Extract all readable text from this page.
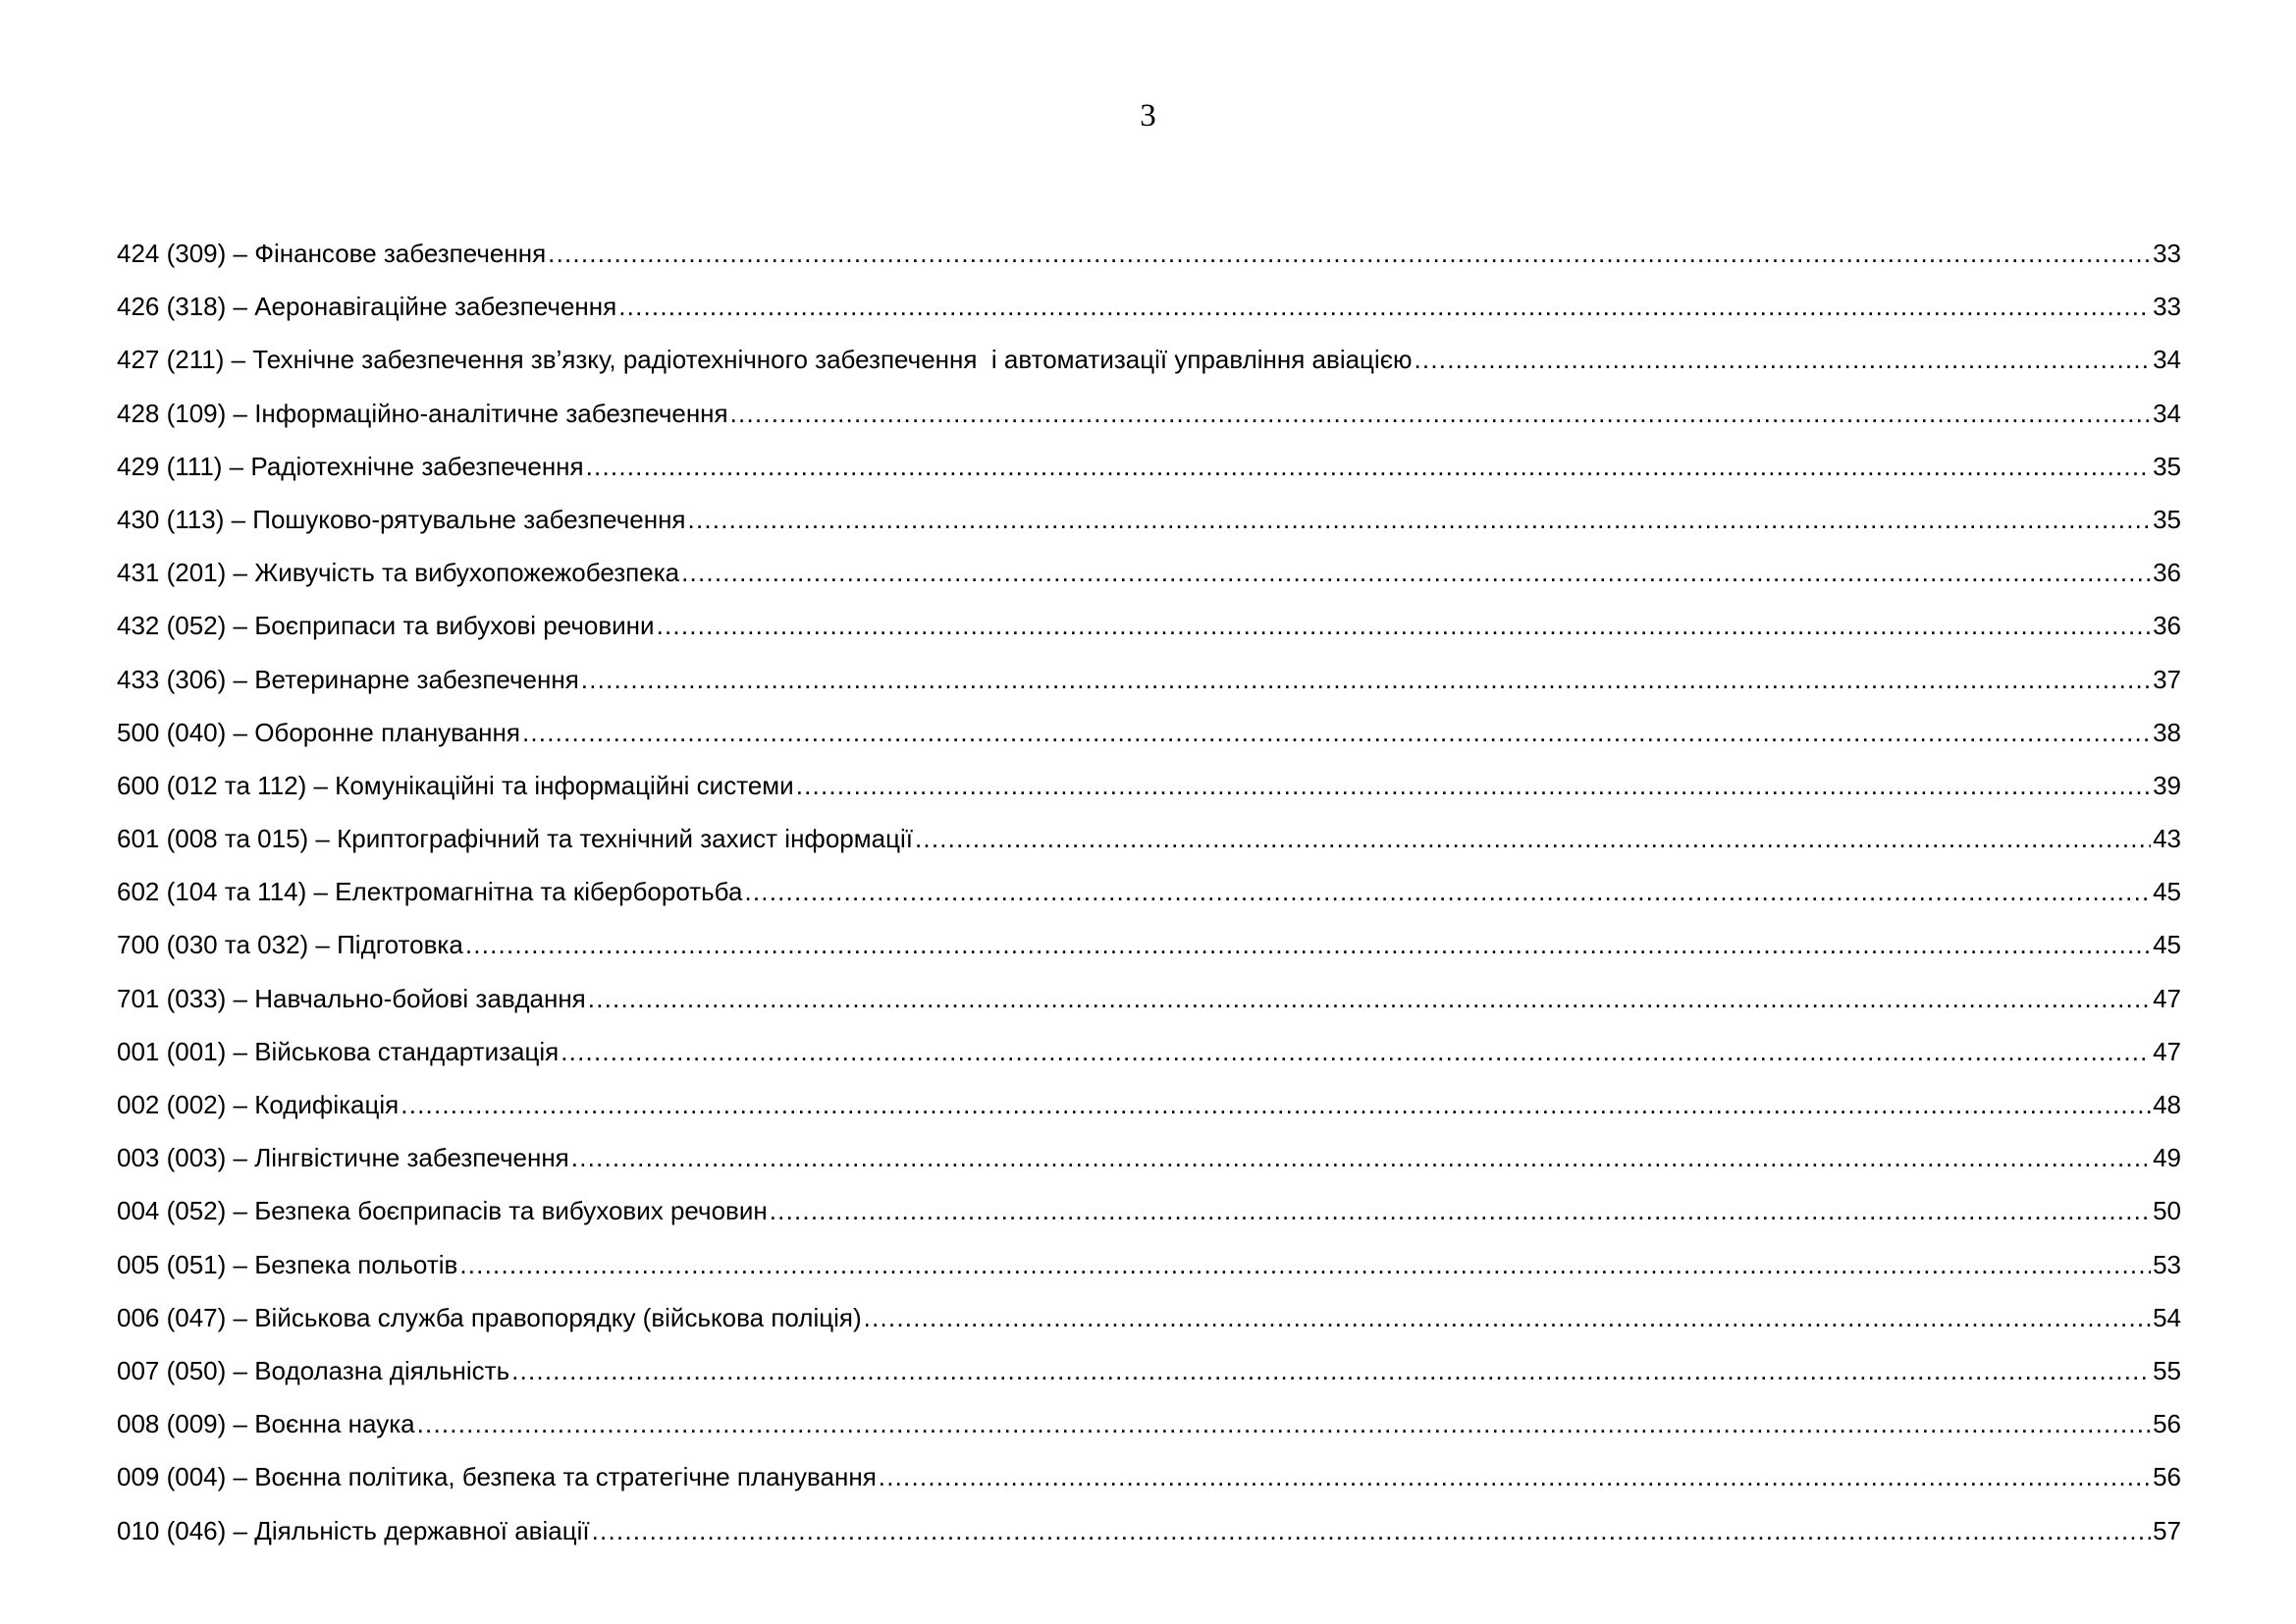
3
424 (309) – Фінансове забезпечення .....	33
426 (318) – Аеронавігаційне забезпечення .....	33
427 (211) – Технічне забезпечення зв’язку, радіотехнічного забезпечення  і автоматизації управління авіацією .....	34
428 (109) – Інформаційно-аналітичне забезпечення .....	34
429 (111) – Радіотехнічне забезпечення .....	35
430 (113) – Пошуково-рятувальне забезпечення .....	35
431 (201) – Живучість та вибухопожежобезпека .....	36
432 (052) – Боєприпаси та вибухові речовини .....	36
433 (306) – Ветеринарне забезпечення .....	37
500 (040) – Оборонне планування .....	38
600 (012 та 112) – Комунікаційні та інформаційні системи .....	39
601 (008 та 015) – Криптографічний та технічний захист інформації .....	43
602 (104 та 114) – Електромагнітна та кібербоpотьба .....	45
700 (030 та 032) – Підготовка .....	45
701 (033) – Навчально-бойові завдання .....	47
001 (001) – Військова стандартизація .....	47
002 (002) – Кодифікація .....	48
003 (003) – Лінгвістичне забезпечення .....	49
004 (052) – Безпека боєприпасів та вибухових речовин .....	50
005 (051) – Безпека польотів .....	53
006 (047) – Військова служба правопорядку (військова поліція) .....	54
007 (050) – Водолазна діяльність .....	55
008 (009) – Воєнна наука .....	56
009 (004) – Воєнна політика, безпека та стратегічне планування .....	56
010 (046) – Діяльність державної авіації .....	57
